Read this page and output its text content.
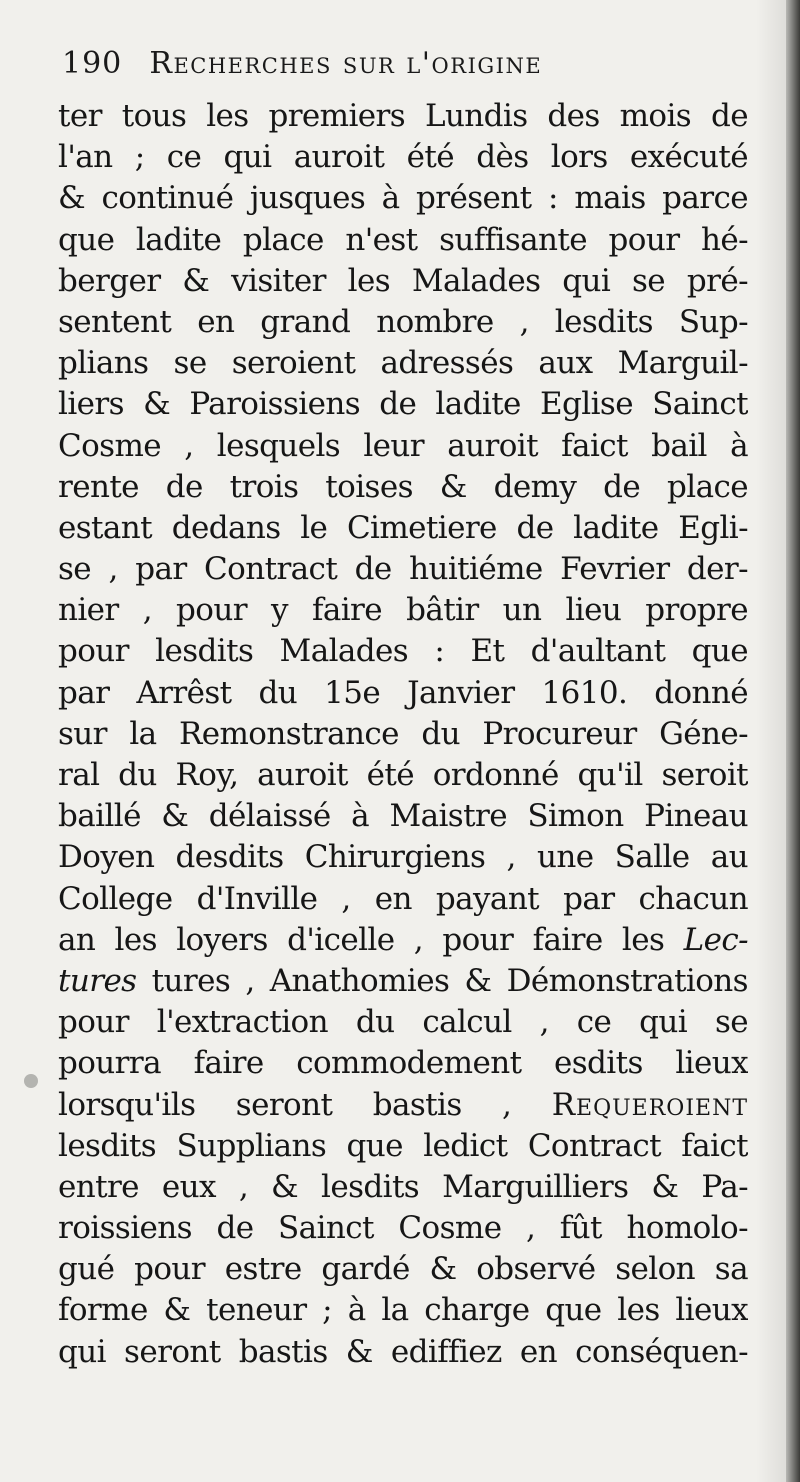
190 Recherches sur l'origine
ter tous les premiers Lundis des mois de
l'an ; ce qui auroit été dès lors exécuté
& continué jusques à présent : mais parce
que ladite place n'est suffisante pour hé-
berger & visiter les Malades qui se pré-
sentent en grand nombre , lesdits Sup-
plians se seroient adressés aux Marguil-
liers & Paroissiens de ladite Eglise Sainct
Cosme , lesquels leur auroit faict bail à
rente de trois toises & demy de place
estant dedans le Cimetiere de ladite Egli-
se , par Contract de huitiéme Fevrier der-
nier , pour y faire bâtir un lieu propre
pour lesdits Malades : Et d'aultant que
par Arrêst du 15e Janvier 1610. donné
sur la Remonstrance du Procureur Géne-
ral du Roy, auroit été ordonné qu'il seroit
baillé & délaissé à Maistre Simon Pineau
Doyen desdits Chirurgiens , une Salle au
College d'Inville , en payant par chacun
an les loyers d'icelle , pour faire les Lec-
tures tures , Anathomies & Démonstrations
pour l'extraction du calcul , ce qui se
pourra faire commodement esdits lieux
lorsqu'ils seront bastis , Requeroient
lesdits Supplians que ledict Contract faict
entre eux , & lesdits Marguilliers & Pa-
roissiens de Sainct Cosme , fût homolo-
gué pour estre gardé & observé selon sa
forme & teneur ; à la charge que les lieux
qui seront bastis & ediffiez en conséquen-
